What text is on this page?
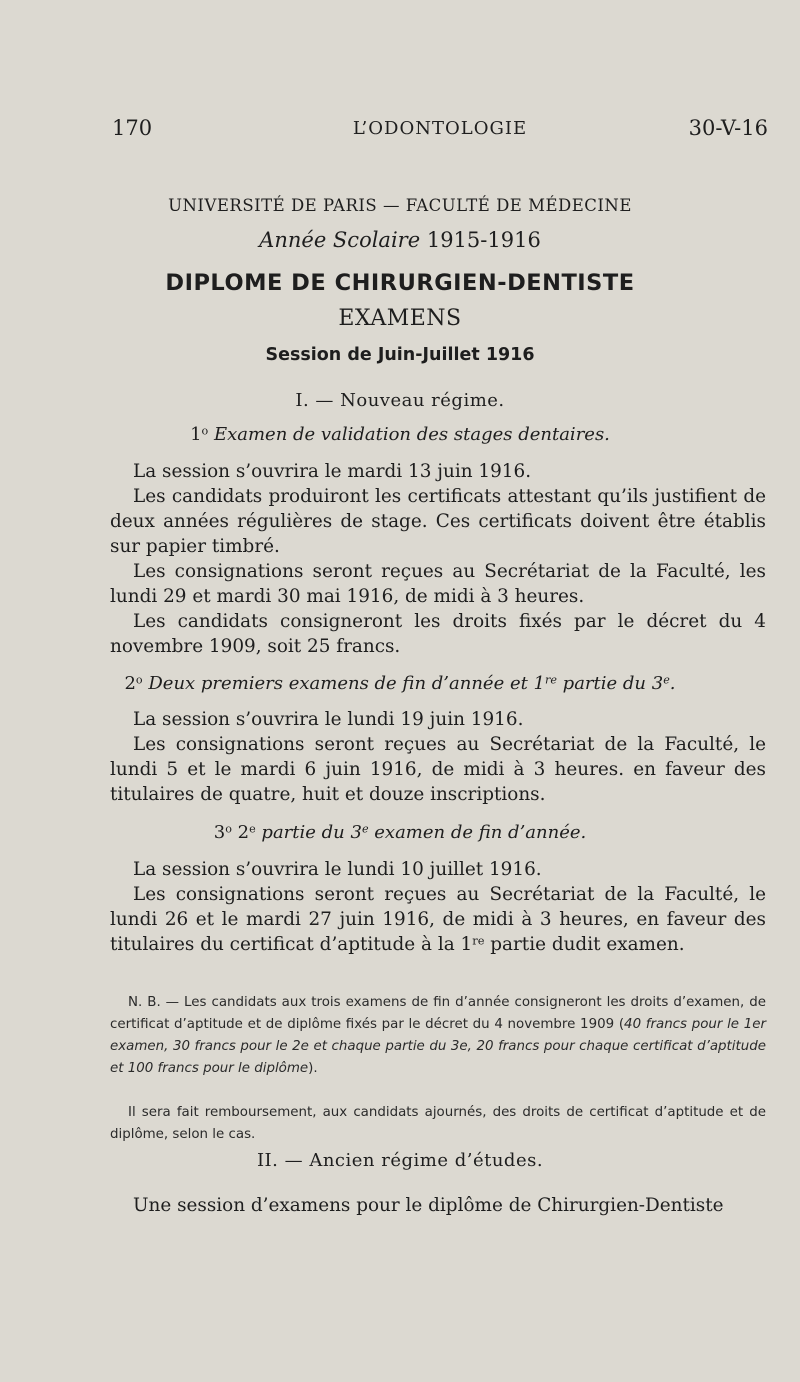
170	L’ODONTOLOGIE	30-V-16
UNIVERSITÉ DE PARIS — FACULTÉ DE MÉDECINE
Année Scolaire 1915-1916
DIPLOME DE CHIRURGIEN-DENTISTE
EXAMENS
Session de Juin-Juillet 1916
I. — Nouveau régime.
1$^o$ Examen de validation des stages dentaires.

La session s’ouvrira le mardi 13 juin 1916.

Les candidats produiront les certificats attestant qu’ils justifient de deux années régulières de stage. Ces certificats doivent être établis sur papier timbré.

Les consignations seront reçues au Secrétariat de la Faculté, les lundi 29 et mardi 30 mai 1916, de midi à 3 heures.

Les candidats consigneront les droits fixés par le décret du 4 novembre 1909, soit 25 francs.

2$^o$ Deux premiers examens de fin d’année et 1re partie du 3e.

La session s’ouvrira le lundi 19 juin 1916.

Les consignations seront reçues au Secrétariat de la Faculté, le lundi 5 et le mardi 6 juin 1916, de midi à 3 heures. en faveur des titulaires de quatre, huit et douze inscriptions.

3$^o$ 2e partie du 3e examen de fin d’année.

La session s’ouvrira le lundi 10 juillet 1916.

Les consignations seront reçues au Secrétariat de la Faculté, le lundi 26 et le mardi 27 juin 1916, de midi à 3 heures, en faveur des titulaires du certificat d’aptitude à la 1re partie dudit examen.

N. B. — Les candidats aux trois examens de fin d’année consigneront les droits d’examen, de certificat d’aptitude et de diplôme fixés par le décret du 4 novembre 1909 (40 francs pour le 1er examen, 30 francs pour le 2e et chaque partie du 3e, 20 francs pour chaque certificat d’aptitude et 100 francs pour le diplôme).

Il sera fait remboursement, aux candidats ajournés, des droits de certificat d’aptitude et de diplôme, selon le cas.

II. — Ancien régime d’études.

Une session d’examens pour le diplôme de Chirurgien-Dentiste
